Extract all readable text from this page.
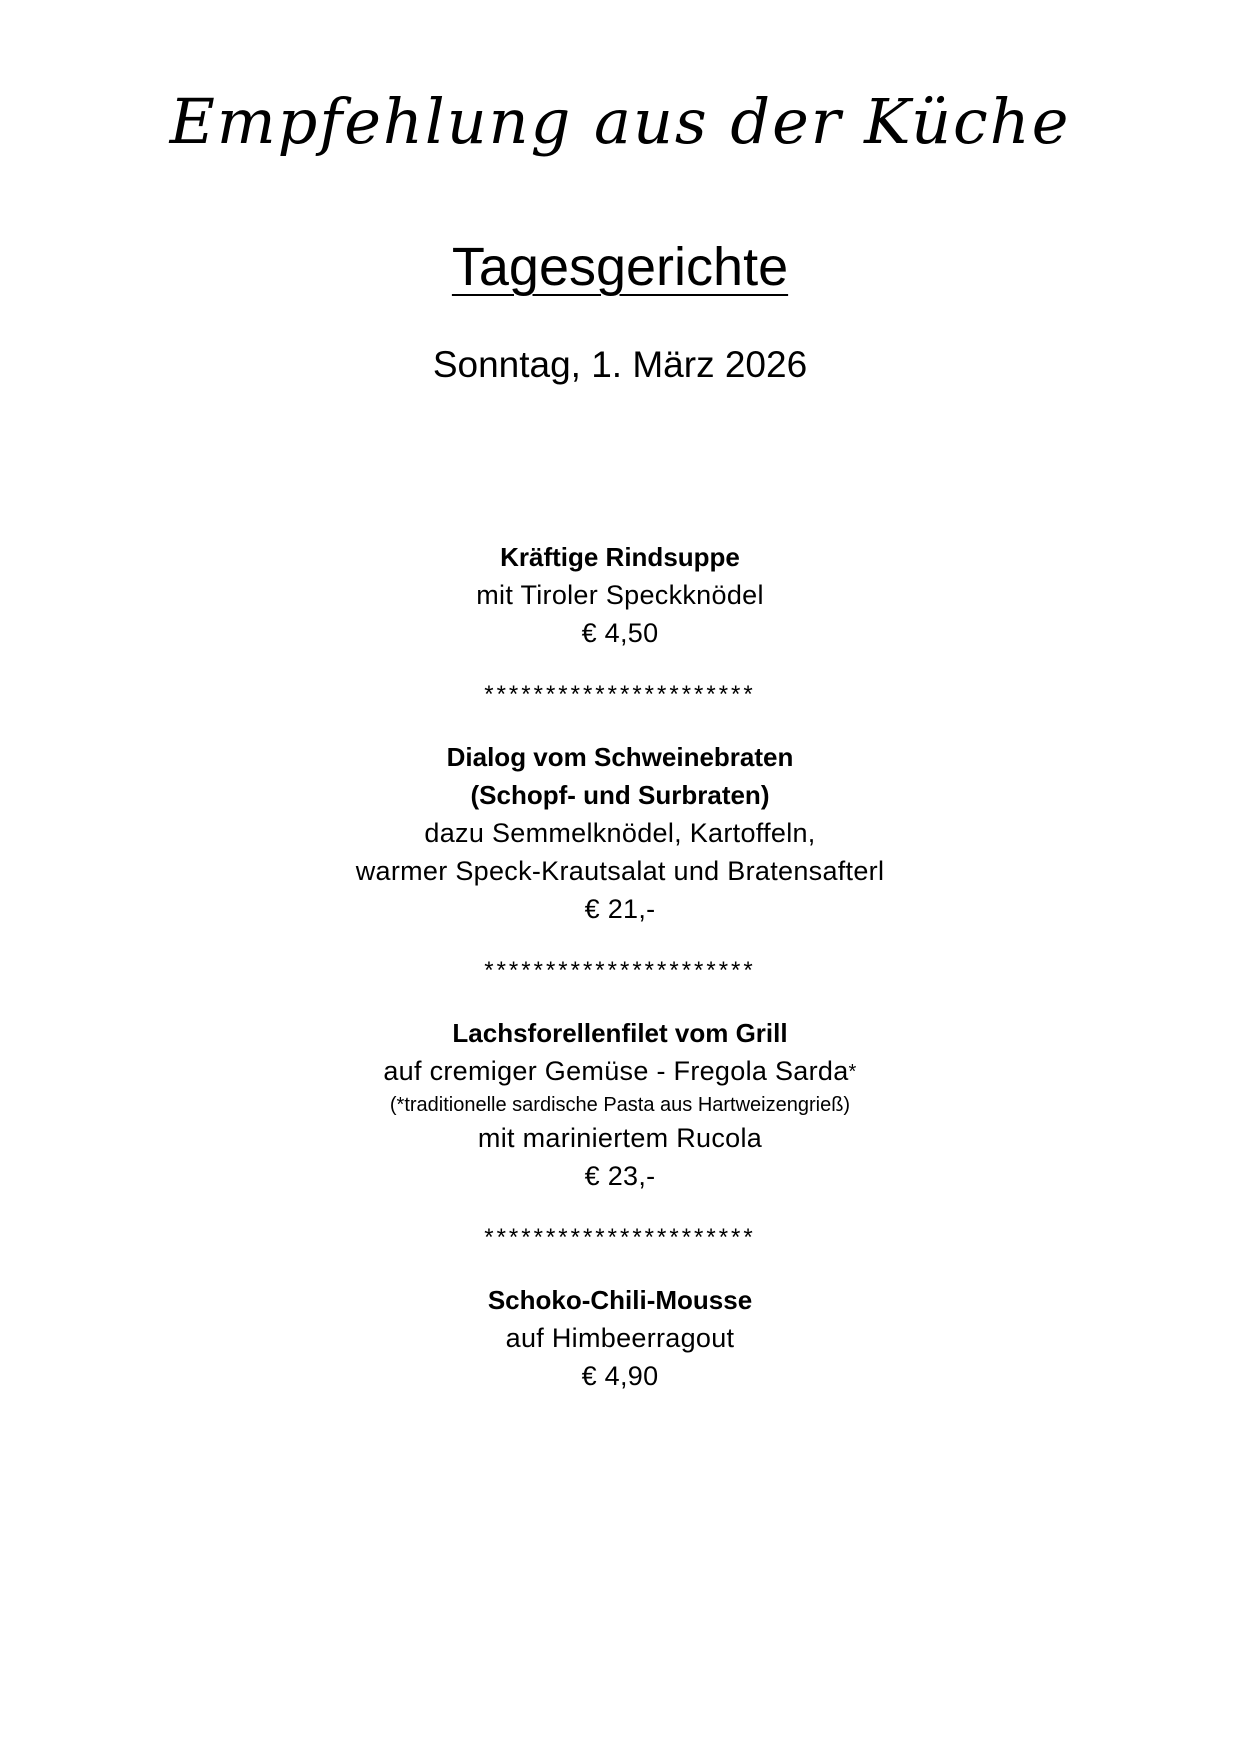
Empfehlung aus der Küche
Tagesgerichte
Sonntag, 1. März 2026
Kräftige Rindsuppe
mit Tiroler Speckknödel
€ 4,50
**********************
Dialog vom Schweinebraten
(Schopf- und Surbraten)
dazu Semmelknödel, Kartoffeln,
warmer Speck-Krautsalat und Bratensafterl
€ 21,-
**********************
Lachsforellenfilet vom Grill
auf cremiger Gemüse - Fregola Sarda*
(*traditionelle sardische Pasta aus Hartweizengrieß)
mit mariniertem Rucola
€ 23,-
**********************
Schoko-Chili-Mousse
auf Himbeerragout
€ 4,90
